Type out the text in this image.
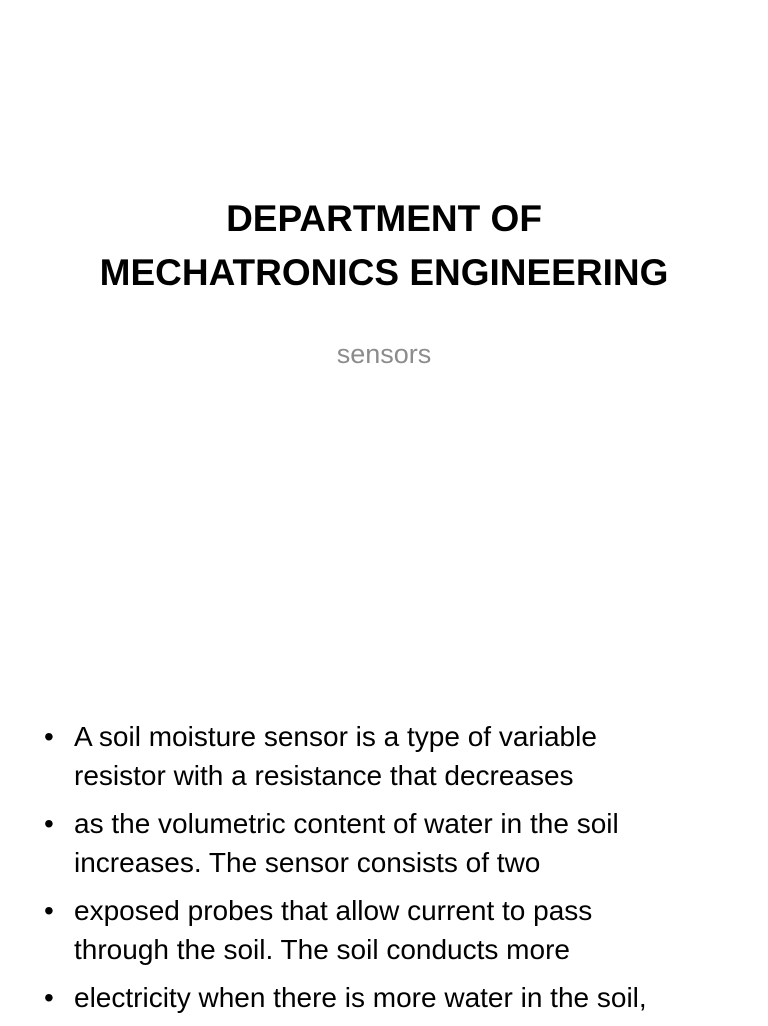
DEPARTMENT OF
MECHATRONICS ENGINEERING

sensors

• A soil moisture sensor is a type of variable
resistor with a resistance that decreases
• as the volumetric content of water in the soil
increases. The sensor consists of two
• exposed probes that allow current to pass
through the soil. The soil conducts more
• electricity when there is more water in the soil,
